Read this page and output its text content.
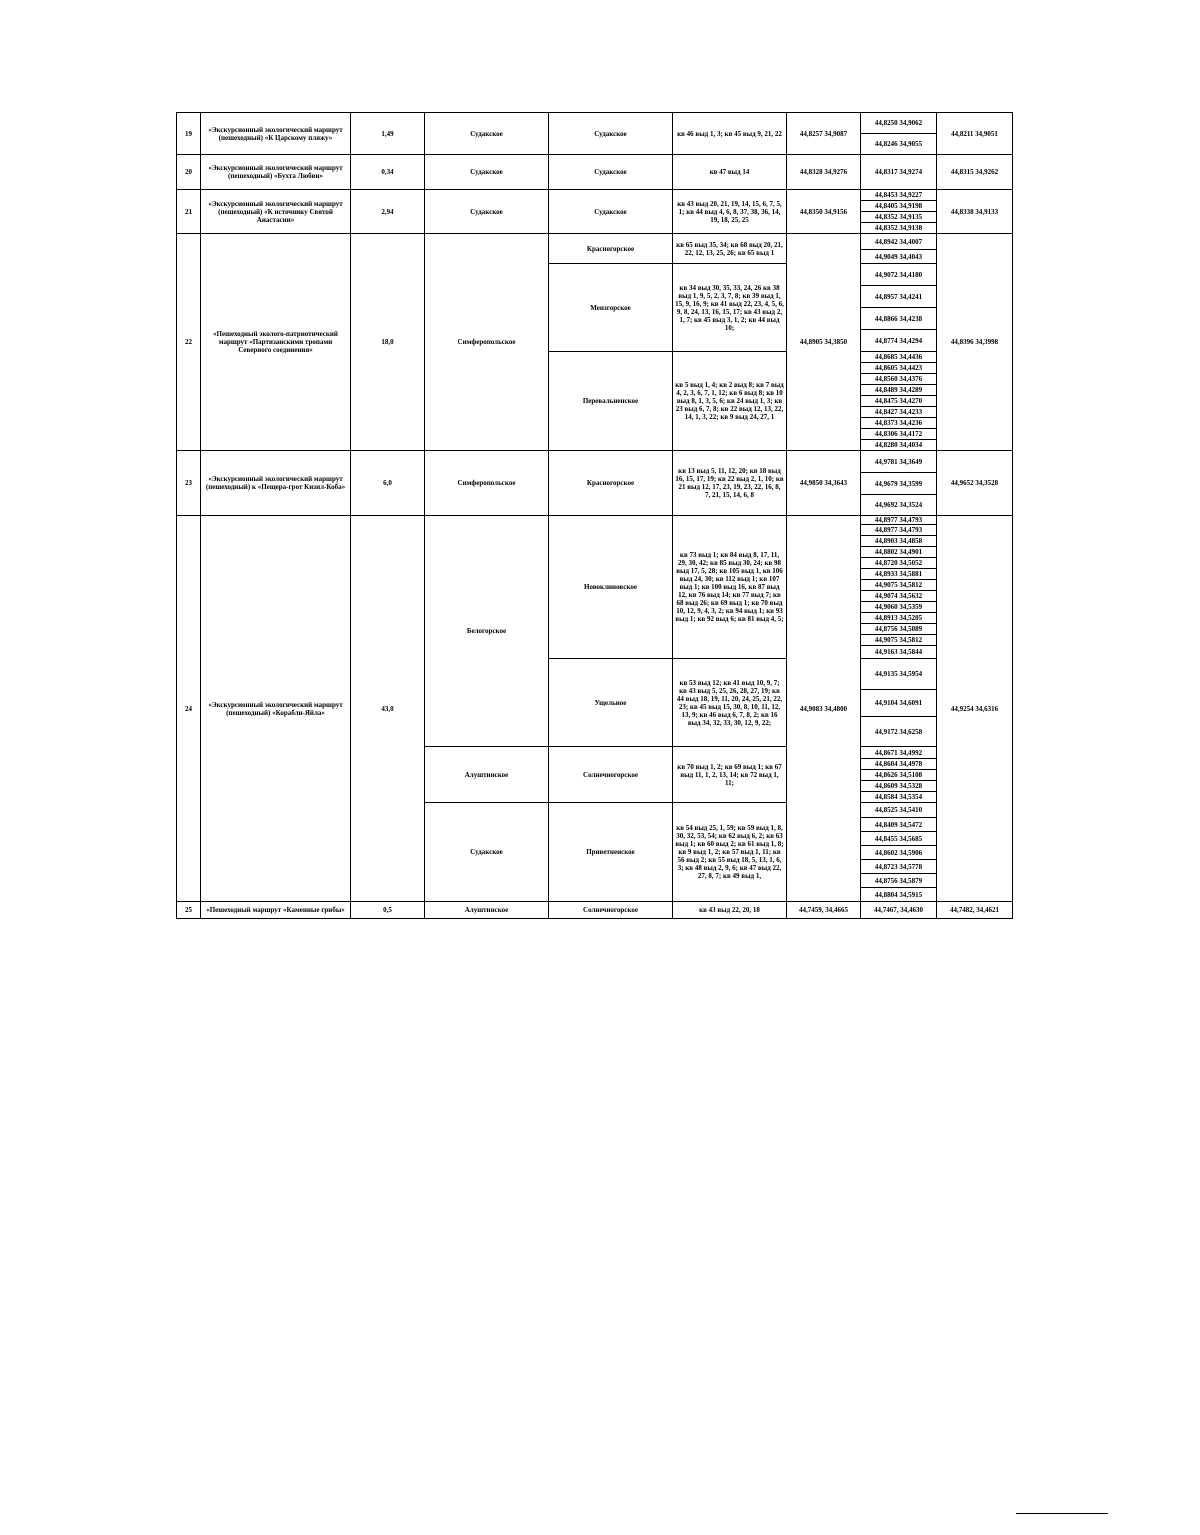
19	«Экскурсионный экологический маршрут (пешеходный) «К Царскому пляжу»	1,49	Судакское	Судакское	кв 46 выд 1, 3; кв 45 выд 9, 21, 22	44,8257 34,9087	44,8250 34,9062	44,8211 34,9051
							44,8246 34,9055	
20	«Экскурсионный экологический маршрут (пешеходный) «Бухта Любви»	0,34	Судакское	Судакское	кв 47 выд 14	44,8328 34,9276	44,8317 34,9274	44,8315 34,9262
21	«Экскурсионный экологический маршрут (пешеходный) «К источнику Святой Анастасии»	2,94	Судакское	Судакское	кв 43 выд 20, 21, 19, 14, 15, 6, 7, 5, 1; кв 44 выд 4, 6, 8, 37, 38, 36, 14, 19, 18, 25, 25	44,8350 34,9156	44,8453 34,9227	44,8338 34,9133
							44,8405 34,9198	
							44,8352 34,9135	
							44,8352 34,9138	
22	«Пешеходный эколого-патриотический маршрут «Партизанскими тропами Северного соединения»	18,0	Симферопольское	Красногорское	кв 65 выд 35, 34; кв 68 выд 20, 21, 22, 12, 13, 25, 26; кв 65 выд 1	44,8905 34,3850	44,8942 34,4007	44,8396 34,3998
							44,9049 34,4043	
				Мензгорское	кв 34 выд 30, 35, 33, 24, 26 кв 38 выд 1, 9, 5, 2, 3, 7, 8; кв 39 выд 1, 15, 9, 16, 9; кв 41 выд 22, 23, 4, 5, 6, 9, 8, 24, 13, 16, 15, 17; кв 43 выд 2, 1, 7; кв 45 выд 3, 1, 2; кв 44 выд 10;		44,9072 34,4180	
							44,8957 34,4241	
							44,8866 34,4238	
							44,8774 34,4294	
				Перевальненское	кв 5 выд 1, 4; кв 2 выд 8; кв 7 выд 4, 2, 3, 6, 7, 1, 12; кв 6 выд 8; кв 10 выд 8, 1, 3, 5, 6; кв 24 выд 1, 3; кв 23 выд 6, 7, 8; кв 22 выд 12, 13, 22, 14, 1, 3, 22; кв 9 выд 24, 27, 1		44,8685 34,4436	
							44,8605 34,4423	
							44,8560 34,4376	
							44,8489 34,4289	
							44,8475 34,4270	
							44,8427 34,4233	
							44,8373 34,4236	
							44,8306 34,4172	
							44,8280 34,4034	
23	«Экскурсионный экологический маршрут (пешеходный) к «Пещера-грот Кизил-Коба»	6,0	Симферопольское	Красногорское	кв 13 выд 5, 11, 12, 20; кв 18 выд 16, 15, 17, 19; кв 22 выд 2, 1, 10; кв 21 выд 12, 17, 23, 19, 23, 22, 16, 8, 7, 21, 15, 14, 6, 8	44,9850 34,3643	44,9781 34,3649	44,9652 34,3528
							44,9679 34,3599	
							44,9692 34,3524	
24	«Экскурсионный экологический маршрут (пешеходный) «Корабли-Яйла»	43,0	Белогорское	Новоклиновское	кв 73 выд 1; кв 84 выд 8, 17, 11, 29, 30, 42; кв 85 выд 30, 24; кв 98 выд 17, 5, 28; кв 105 выд 1, кв 106 выд 24, 30; кв 112 выд 1; кв 107 выд 1; кв 100 выд 16, кв 87 выд 12, кв 76 выд 14; кв 77 выд 7; кв 68 выд 26; кв 69 выд 1; кв 70 выд 10, 12, 9, 4, 3, 2; кв 94 выд 1; кв 93 выд 1; кв 92 выд 6; кв 81 выд 4, 5;	44,9083 34,4800	44,8977 34,4793	44,9254 34,6316
							44,8977 34,4793	
							44,8903 34,4858	
							44,8802 34,4901	
							44,8720 34,5052	
							44,8933 34,5881	
							44,9075 34,5812	
							44,9074 34,5632	
							44,9060 34,5359	
							44,8913 34,5205	
							44,8756 34,5089	
							44,9075 34,5812	
							44,9163 34,5844	
				Ущельное	кв 53 выд 12; кв 41 выд 10, 9, 7; кв 43 выд 5, 25, 26, 28, 27, 19; кв 44 выд 18, 19, 11, 20, 24, 25, 21, 22, 23; кв 45 выд 15, 30, 8, 10, 11, 12, 13, 9; кв 46 выд 6, 7, 8, 2; кв 16 выд 34, 32, 33, 30, 12, 9, 22;		44,9135 34,5954	
							44,9104 34,6091	
							44,9172 34,6258	
			Алуштинское	Солнечногорское	кв 70 выд 1, 2; кв 69 выд 1; кв 67 выд 11, 1, 2, 13, 14; кв 72 выд 1, 11;		44,8671 34,4992	
							44,8604 34,4978	
							44,8626 34,5108	
							44,8609 34,5328	
							44,8584 34,5354	
			Судакское	Привет​ненское	кв 54 выд 25, 1, 59; кв 59 выд 1, 8, 30, 32, 53, 54; кв 62 выд 6, 2; кв 63 выд 1; кв 60 выд 2; кв 61 выд 1, 8; кв 9 выд 1, 2; кв 57 выд 1, 11; кв 56 выд 2; кв 55 выд 18, 5, 13, 1, 6, 3; кв 48 выд 2, 9, 6; кв 47 выд 22, 27, 8, 7; кв 49 выд 1,		44,8525 34,5410	
							44,8409 34,5472	
							44,8455 34,5685	
							44,8602 34,5906	
							44,8723 34,5778	
							44,8756 34,5879	
							44,8804 34,5915	
25	«Пешеходный маршрут «Каменные грибы»	0,5	Алуштинское	Солнечногорское	кв 43 выд 22, 20, 18	44,7459, 34,4665	44,7467, 34,4630	44,7482, 34,4621
